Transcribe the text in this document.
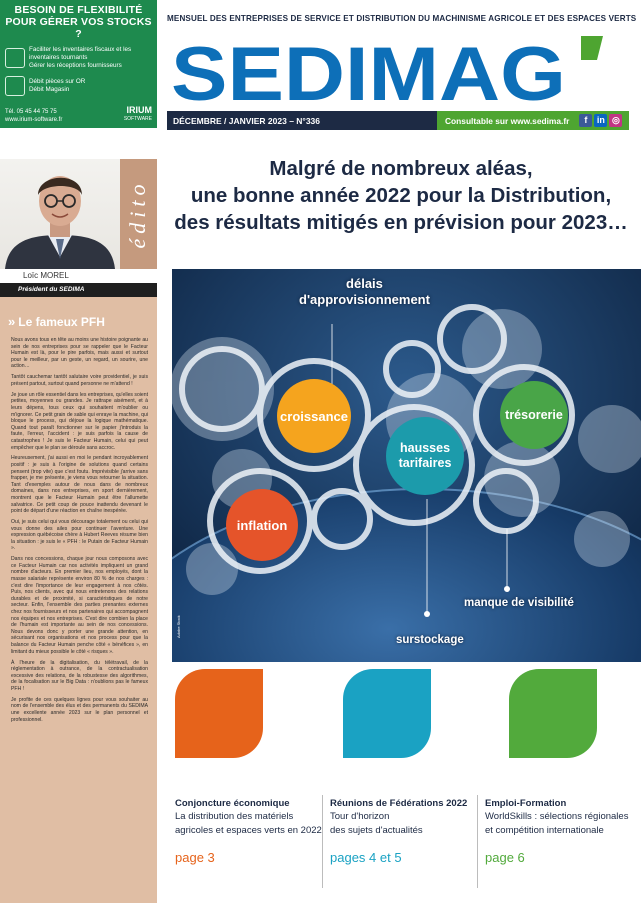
BESOIN DE FLEXIBILITÉ POUR GÉRER VOS STOCKS ?
Faciliter les inventaires fiscaux et les inventaires tournants
Gérer les réceptions fournisseurs
Débit pièces sur OR
Débit Magasin
Tél. 05 45 44 75 75
www.irium-software.fr
IRIUM
SOFTWARE
MENSUEL DES ENTREPRISES DE SERVICE ET DISTRIBUTION DU MACHINISME AGRICOLE ET DES ESPACES VERTS
SEDIMAG
DÉCEMBRE / JANVIER 2023 – N°336	Consultable sur www.sedima.fr	f in ◎
édito
Loïc MOREL
Président du SEDIMA
» Le fameux PFH

Nous avons tous en tête au moins une histoire poignante au sein de nos entreprises pour se rappeler que le Facteur Humain est là, pour le pire parfois, mais aussi et surtout pour le meilleur, par un geste, un regard, un sourire, une action…

Tantôt cauchemar tantôt salutaire voire providentiel, je suis présent partout, surtout quand personne ne m'attend !

Je joue un rôle essentiel dans les entreprises, qu'elles soient petites, moyennes ou grandes. Je rattrape aisément, et à leurs dépens, tous ceux qui souhaitent m'oublier ou m'ignorer. Ce petit grain de sable qui enraye la machine, qui bloque le process, qui déjoue la logique mathématique. Quand tout paraît fonctionner sur le papier j'introduis la faute, l'erreur, l'accident : je suis parfois la cause de catastrophes ! Je suis le Facteur Humain, celui qui peut empêcher que le plan se déroule sans accroc.

Heureusement, j'ai aussi en moi le pendant incroyablement positif : je suis à l'origine de solutions quand certains pensent (trop vite) que c'est foutu. Imprévisible j'arrive sans frapper, je me présente, je viens vous retourner la situation. Tant d'exemples autour de nous dans de nombreux domaines, dans nos entreprises, en sport dernièrement, montrent que le Facteur Humain peut être l'allumette salvatrice. Ce petit coup de pouce inattendu devenant le point de départ d'une réaction en chaîne inespérée.

Oui, je suis celui qui vous décourage totalement ou celui qui vous donne des ailes pour continuer l'aventure. Une expression québécoise chère à Hubert Reeves résume bien la situation : je suis le « PFH : le Putain de Facteur Humain ».

Dans nos concessions, chaque jour nous composons avec ce Facteur Humain car nos activités impliquent un grand nombre d'acteurs. En premier lieu, nos employés, dont la masse salariale représente environ 80 % de nos charges : c'est dire l'importance de leur engagement à nos côtés. Puis, nos clients, avec qui nous entretenons des relations durables et de proximité, si caractéristiques de notre secteur. Enfin, l'ensemble des parties prenantes externes chez nos fournisseurs et nos partenaires qui accompagnent nos équipes et nos entreprises. C'est dire combien la place de l'humain est importante au sein de nos concessions. Nous devons donc y porter une grande attention, en sécurisant nos organisations et nos process pour que la balance du Facteur Humain penche côté « bénéfices », en limitant du mieux possible le côté « risques ».

À l'heure de la digitalisation, du télétravail, de la réglementation à outrance, de la contractualisation excessive des relations, de la robustesse des algorithmes, de la focalisation sur le Big Data : n'oublions pas le fameux PFH !

Je profite de ces quelques lignes pour vous souhaiter au nom de l'ensemble des élus et des permanents du SEDIMA une excellente année 2023 sur le plan personnel et professionnel.

Malgré de nombreux aléas,
une bonne année 2022 pour la Distribution,
des résultats mitigés en prévision pour 2023…
délais
d'approvisionnement
croissance
hausses
tarifaires
trésorerie
inflation
manque de visibilité
surstockage
Adobe Stock
Conjoncture économique
La distribution des matériels
agricoles et espaces verts en 2022
page 3
Réunions de Fédérations 2022
Tour d'horizon
des sujets d'actualités
pages 4 et 5
Emploi-Formation
WorldSkills : sélections régionales
et compétition internationale
page 6
